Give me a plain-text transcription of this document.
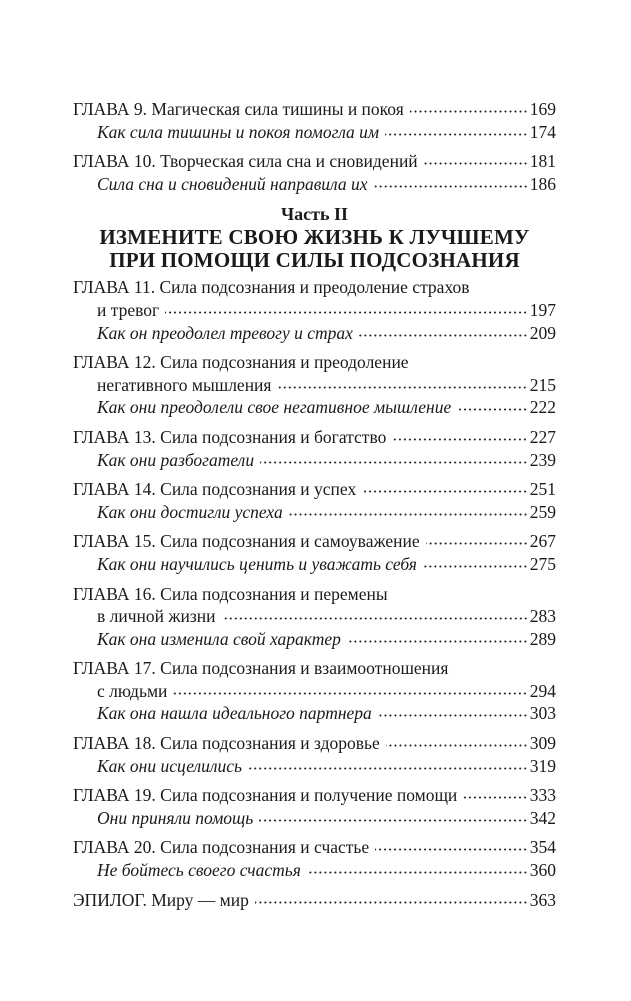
ГЛАВА 9. Магическая сила тишины и покоя	169
Как сила тишины и покоя помогла им	174
ГЛАВА 10. Творческая сила сна и сновидений	181
Сила сна и сновидений направила их	186
Часть II
ИЗМЕНИТЕ СВОЮ ЖИЗНЬ К ЛУЧШЕМУ
ПРИ ПОМОЩИ СИЛЫ ПОДСОЗНАНИЯ
ГЛАВА 11. Сила подсознания и преодоление страхов
и тревог	197
Как он преодолел тревогу и страх	209
ГЛАВА 12. Сила подсознания и преодоление
негативного мышления	215
Как они преодолели свое негативное мышление	222
ГЛАВА 13. Сила подсознания и богатство	227
Как они разбогатели	239
ГЛАВА 14. Сила подсознания и успех	251
Как они достигли успеха	259
ГЛАВА 15. Сила подсознания и самоуважение	267
Как они научились ценить и уважать себя	275
ГЛАВА 16. Сила подсознания и перемены
в личной жизни	283
Как она изменила свой характер	289
ГЛАВА 17. Сила подсознания и взаимоотношения
с людьми	294
Как она нашла идеального партнера	303
ГЛАВА 18. Сила подсознания и здоровье	309
Как они исцелились	319
ГЛАВА 19. Сила подсознания и получение помощи	333
Они приняли помощь	342
ГЛАВА 20. Сила подсознания и счастье	354
Не бойтесь своего счастья	360
ЭПИЛОГ. Миру — мир	363
